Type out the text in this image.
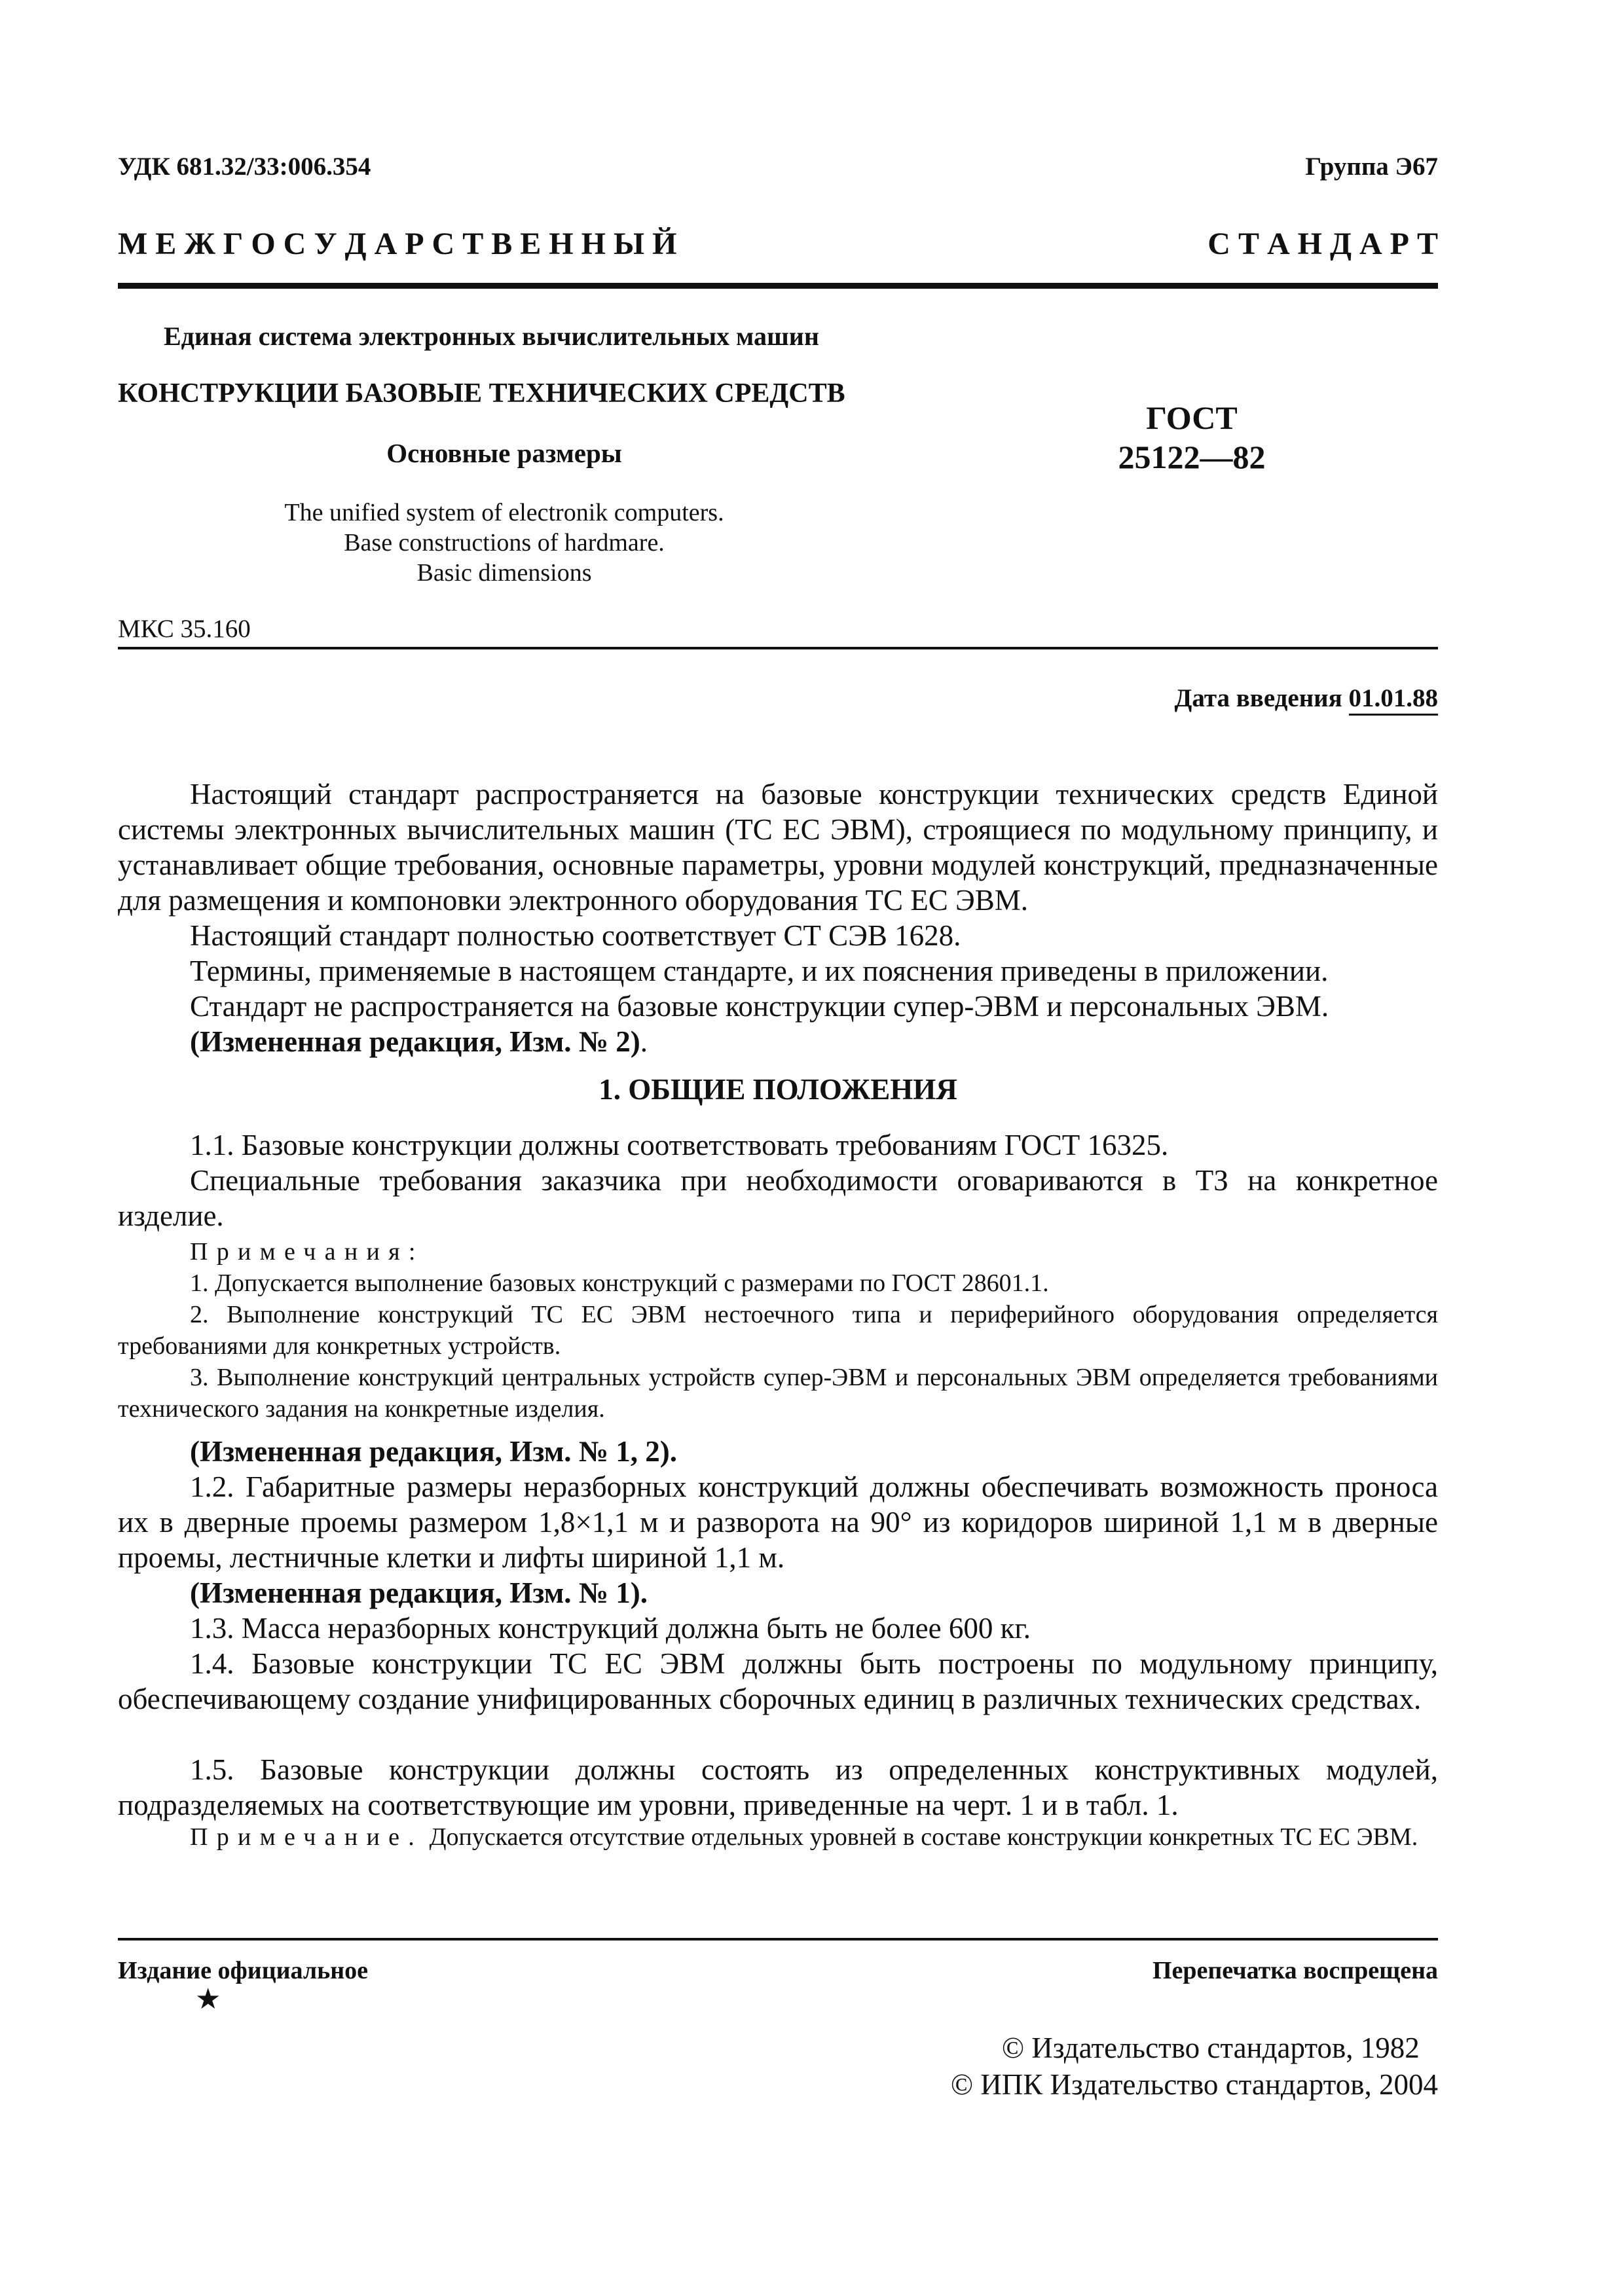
УДК 681.32/33:006.354	Группа Э67
М Е Ж Г О С У Д А Р С Т В Е Н Н Ы Й	С Т А Н Д А Р Т
Единая система электронных вычислительных машин
КОНСТРУКЦИИ БАЗОВЫЕ ТЕХНИЧЕСКИХ СРЕДСТВ
Основные размеры
The unified system of electronik computers.
Base constructions of hardmare.
Basic dimensions
ГОСТ
25122—82
МКС 35.160
Дата введения 01.01.88
Настоящий стандарт распространяется на базовые конструкции технических средств Единой системы электронных вычислительных машин (ТС ЕС ЭВМ), строящиеся по модульному принципу, и устанавливает общие требования, основные параметры, уровни модулей конструкций, предназначенные для размещения и компоновки электронного оборудования ТС ЕС ЭВМ.
Настоящий стандарт полностью соответствует СТ СЭВ 1628.
Термины, применяемые в настоящем стандарте, и их пояснения приведены в приложении.
Стандарт не распространяется на базовые конструкции супер-ЭВМ и персональных ЭВМ.
(Измененная редакция, Изм. № 2).
1. ОБЩИЕ ПОЛОЖЕНИЯ
1.1. Базовые конструкции должны соответствовать требованиям ГОСТ 16325.
Специальные требования заказчика при необходимости оговариваются в ТЗ на конкретное изделие.
Примечания:
1. Допускается выполнение базовых конструкций с размерами по ГОСТ 28601.1.
2. Выполнение конструкций ТС ЕС ЭВМ нестоечного типа и периферийного оборудования определяется требованиями для конкретных устройств.
3. Выполнение конструкций центральных устройств супер-ЭВМ и персональных ЭВМ определяется требованиями технического задания на конкретные изделия.
(Измененная редакция, Изм. № 1, 2).
1.2. Габаритные размеры неразборных конструкций должны обеспечивать возможность проноса их в дверные проемы размером 1,8×1,1 м и разворота на 90° из коридоров шириной 1,1 м в дверные проемы, лестничные клетки и лифты шириной 1,1 м.
(Измененная редакция, Изм. № 1).
1.3. Масса неразборных конструкций должна быть не более 600 кг.
1.4. Базовые конструкции ТС ЕС ЭВМ должны быть построены по модульному принципу, обеспечивающему создание унифицированных сборочных единиц в различных технических средствах.
1.5. Базовые конструкции должны состоять из определенных конструктивных модулей, подразделяемых на соответствующие им уровни, приведенные на черт. 1 и в табл. 1.
Примечание. Допускается отсутствие отдельных уровней в составе конструкции конкретных ТС ЕС ЭВМ.
Издание официальное	Перепечатка воспрещена
★
© Издательство стандартов, 1982
© ИПК Издательство стандартов, 2004
